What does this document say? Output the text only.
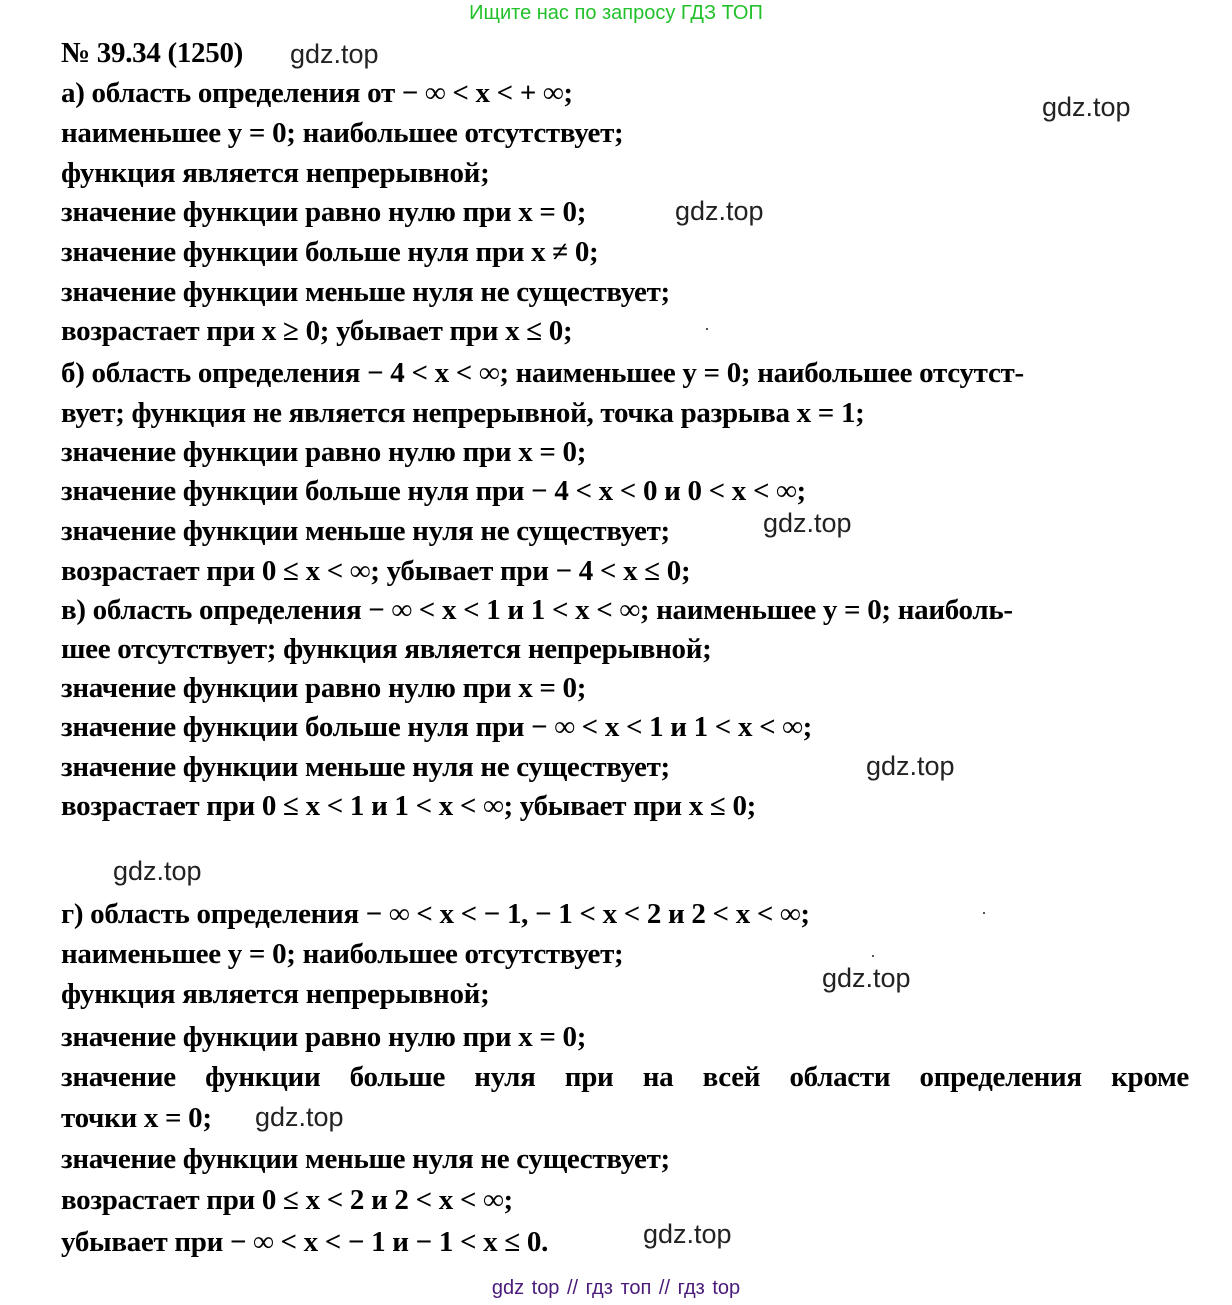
Ищите нас по запросу ГДЗ ТОП
№ 39.34 (1250) gdz.top
gdz.top
а) область определения от − ∞ < x < + ∞;
наименьшее y = 0; наибольшее отсутствует;
функция является непрерывной;
значение функции равно нулю при x = 0;	gdz.top
значение функции больше нуля при x ≠ 0;
значение функции меньше нуля не существует;
возрастает при x ≥ 0; убывает при x ≤ 0;
б) область определения − 4 < x < ∞; наименьшее y = 0; наибольшее отсутст-
вует; функция не является непрерывной, точка разрыва x = 1;
значение функции равно нулю при x = 0;
значение функции больше нуля при − 4 < x < 0 и 0 < x < ∞;
значение функции меньше нуля не существует;	gdz.top
возрастает при 0 ≤ x < ∞; убывает при − 4 < x ≤ 0;
в) область определения − ∞ < x < 1 и 1 < x < ∞; наименьшее y = 0; наиболь-
шее отсутствует; функция является непрерывной;
значение функции равно нулю при x = 0;
значение функции больше нуля при − ∞ < x < 1 и 1 < x < ∞;
значение функции меньше нуля не существует;	gdz.top
возрастает при 0 ≤ x < 1 и 1 < x < ∞; убывает при x ≤ 0;
gdz.top
г) область определения − ∞ < x < − 1, − 1 < x < 2 и 2 < x < ∞;
наименьшее y = 0; наибольшее отсутствует;
функция является непрерывной;	gdz.top
значение функции равно нулю при x = 0;
значение функции больше нуля при на всей области определения кроме
точки x = 0; gdz.top
значение функции меньше нуля не существует;
возрастает при 0 ≤ x < 2 и 2 < x < ∞;
убывает при − ∞ < x < − 1 и − 1 < x ≤ 0.	gdz.top
gdz top // гдз топ // гдз top
